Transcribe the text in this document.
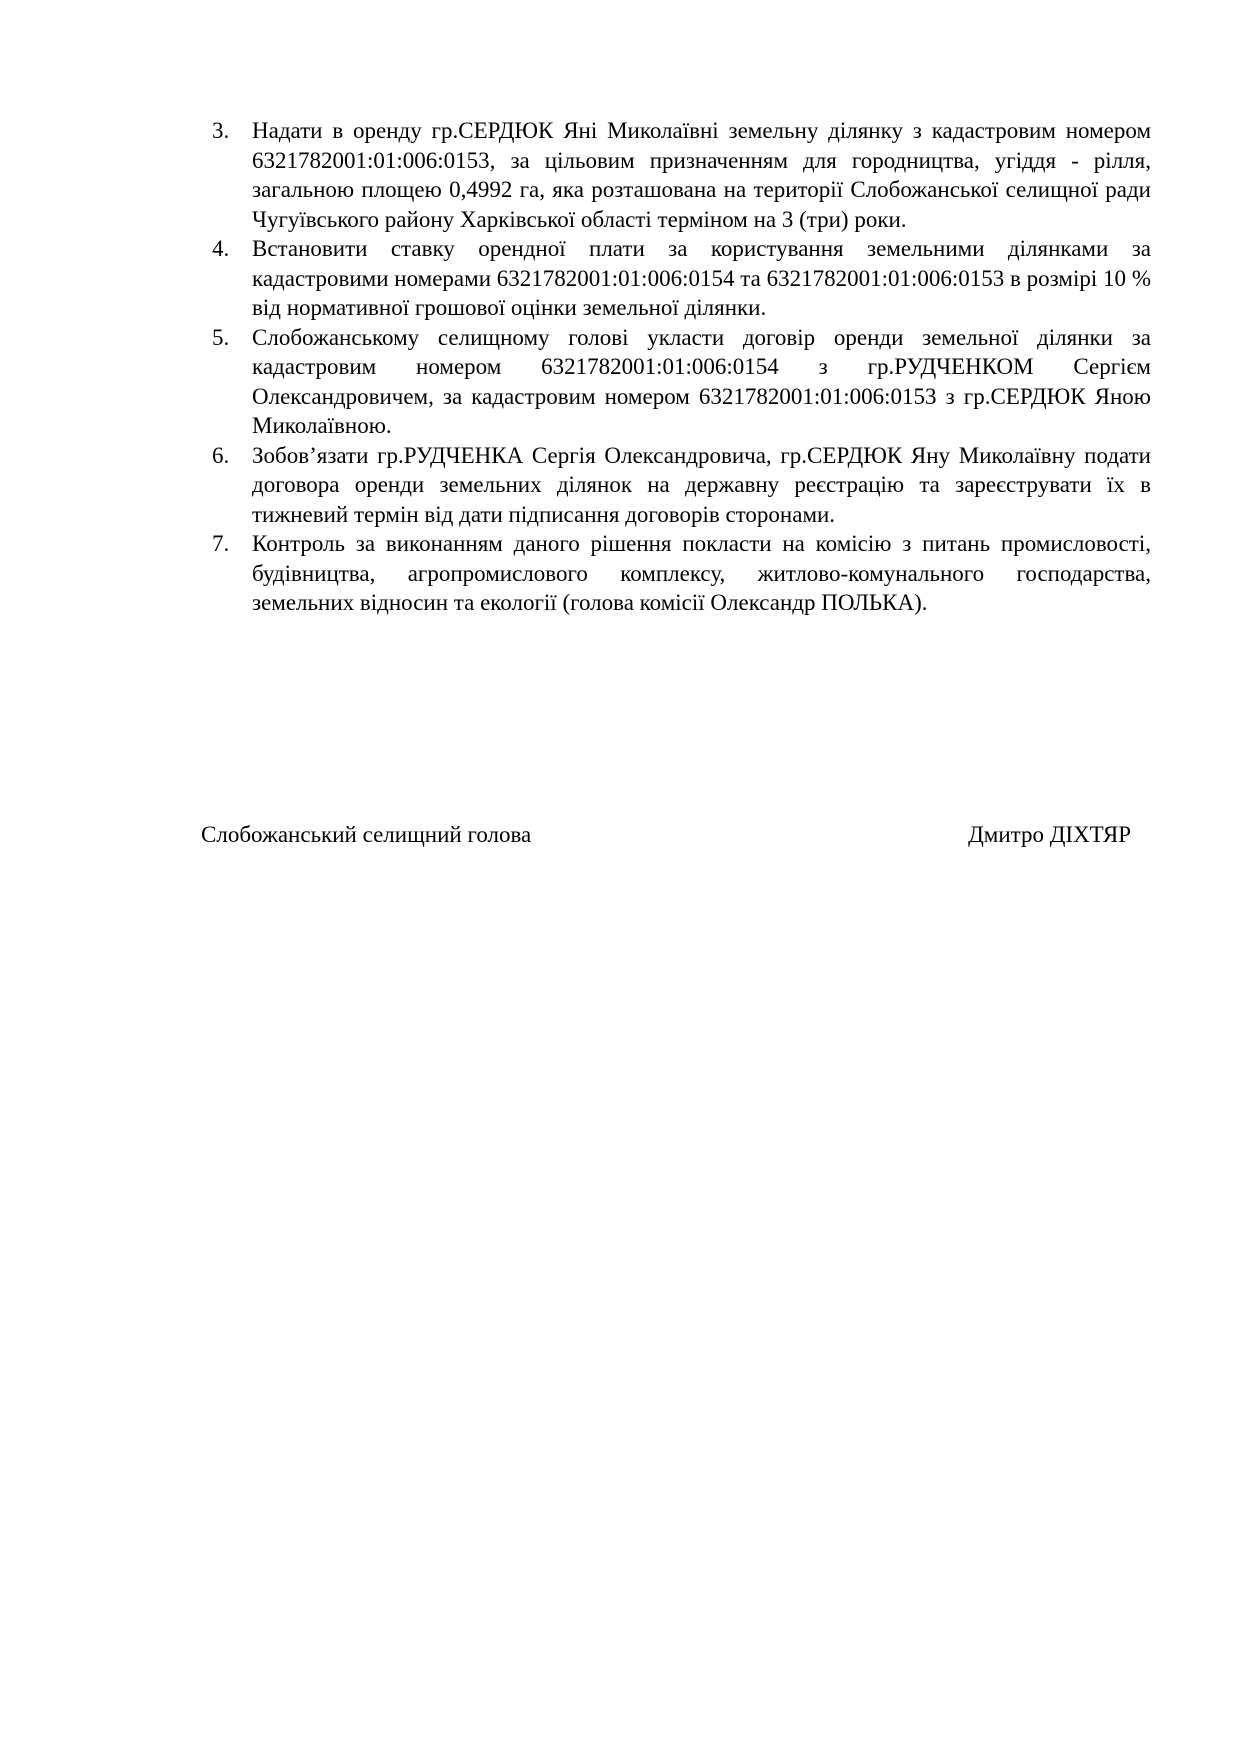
3. Надати в оренду гр.СЕРДЮК Яні Миколаївні земельну ділянку з кадастровим номером 6321782001:01:006:0153, за цільовим призначенням для городництва, угіддя - рілля, загальною площею 0,4992 га, яка розташована на території Слобожанської селищної ради Чугуївського району Харківської області терміном на 3 (три) роки.
4. Встановити ставку орендної плати за користування земельними ділянками за кадастровими номерами 6321782001:01:006:0154 та 6321782001:01:006:0153 в розмірі 10 % від нормативної грошової оцінки земельної ділянки.
5. Слобожанському селищному голові укласти договір оренди земельної ділянки за кадастровим номером 6321782001:01:006:0154 з гр.РУДЧЕНКОМ Сергієм Олександровичем, за кадастровим номером 6321782001:01:006:0153 з гр.СЕРДЮК Яною Миколаївною.
6. Зобов’язати гр.РУДЧЕНКА Сергія Олександровича, гр.СЕРДЮК Яну Миколаївну подати договора оренди земельних ділянок на державну реєстрацію та зареєструвати їх в тижневий термін від дати підписання договорів сторонами.
7. Контроль за виконанням даного рішення покласти на комісію з питань промисловості, будівництва, агропромислового комплексу, житлово-комунального господарства, земельних відносин та екології (голова комісії Олександр ПОЛЬКА).
Слобожанський селищний голова	Дмитро ДІХТЯР
